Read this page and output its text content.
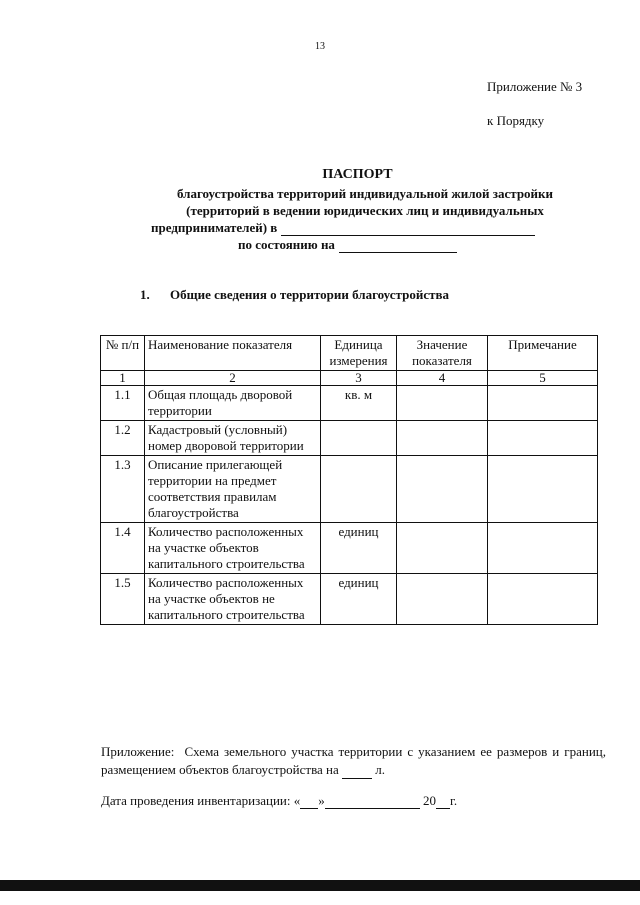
13
Приложение № 3
к Порядку
ПАСПОРТ
благоустройства территорий индивидуальной жилой застройки
(территорий в ведении юридических лиц и индивидуальных
предпринимателей) в
по состоянию на
1. Общие сведения о территории благоустройства
№ п/п	Наименование показателя	Единица измерения	Значение показателя	Примечание
1	2	3	4	5
1.1	Общая площадь дворовой территории	кв. м		
1.2	Кадастровый (условный) номер дворовой территории			
1.3	Описание прилегающей территории на предмет соответствия правилам благоустройства			
1.4	Количество расположенных на участке объектов капитального строительства	единиц		
1.5	Количество расположенных на участке объектов не капитального строительства	единиц		
Приложение: Схема земельного участка территории с указанием ее размеров и границ, размещением объектов благоустройства на	л.
Дата проведения инвентаризации: « »	20 г.
